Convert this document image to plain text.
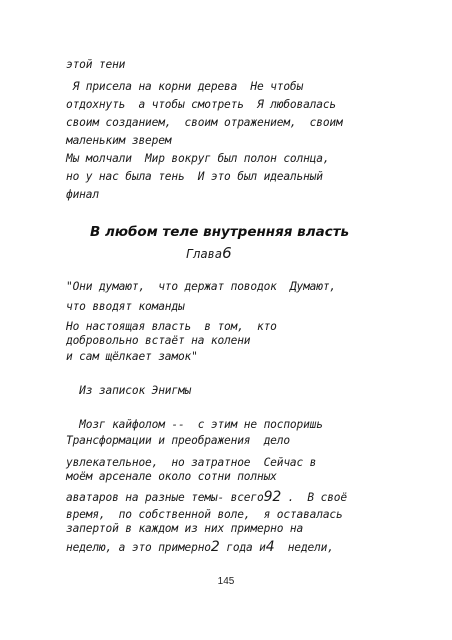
этой тени
Я присела на корни дерева  Не чтобы
отдохнуть  а чтобы смотреть  Я любовалась
своим созданием,  своим отражением,  своим
маленьким зверем
Мы молчали  Мир вокруг был полон солнца,
но у нас была тень  И это был идеальный
финал
В любом теле внутренняя власть
Глава6
"Они думают,  что держат поводок  Думают,
что вводят команды
Но настоящая власть  в том,  кто
добровольно встаёт на колени
и сам щёлкает замок"
Из записок Энигмы
Мозг кайфолом --  с этим не поспоришь
Трансформации и преображения  дело
увлекательное,  но затратное  Сейчас в
моём арсенале около сотни полных
аватаров на разные темы- всего92 .  В своё
время,  по собственной воле,  я оставалась
запертой в каждом из них примерно на
неделю, а это примерно2 года и4  недели,
145
